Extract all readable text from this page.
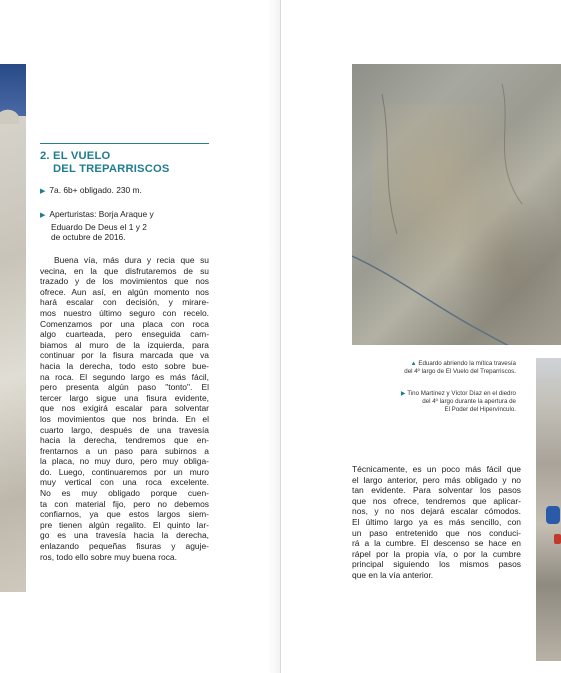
2. EL VUELO
DEL TREPARRISCOS
▶ 7a. 6b+ obligado. 230 m.
▶ Aperturistas: Borja Araque y
Eduardo De Deus el 1 y 2
de octubre de 2016.
Buena vía, más dura y recia que su
vecina, en la que disfrutaremos de su
trazado y de los movimientos que nos
ofrece. Aun así, en algún momento nos
hará escalar con decisión, y mirare-
mos nuestro último seguro con recelo.
Comenzamos por una placa con roca
algo cuarteada, pero enseguida cam-
biamos al muro de la izquierda, para
continuar por la fisura marcada que va
hacia la derecha, todo esto sobre bue-
na roca. El segundo largo es más fácil,
pero presenta algún paso "tonto". El
tercer largo sigue una fisura evidente,
que nos exigirá escalar para solventar
los movimientos que nos brinda. En el
cuarto largo, después de una travesía
hacia la derecha, tendremos que en-
frentarnos a un paso para subirnos a
la placa, no muy duro, pero muy obliga-
do. Luego, continuaremos por un muro
muy vertical con una roca excelente.
No es muy obligado porque cuen-
ta con material fijo, pero no debemos
confiarnos, ya que estos largos siem-
pre tienen algún regalito. El quinto lar-
go es una travesía hacia la derecha,
enlazando pequeñas fisuras y aguje-
ros, todo ello sobre muy buena roca.
▲ Eduardo abriendo la mítica travesía
del 4º largo de El Vuelo del Treparriscos.
▶ Tino Martínez y Víctor Díaz en el diedro
del 4º largo durante la apertura de
El Poder del Hipervínculo.
Técnicamente, es un poco más fácil que
el largo anterior, pero más obligado y no
tan evidente. Para solventar los pasos
que nos ofrece, tendremos que aplicar-
nos, y no nos dejará escalar cómodos.
El último largo ya es más sencillo, con
un paso entretenido que nos conduci-
rá a la cumbre. El descenso se hace en
rápel por la propia vía, o por la cumbre
principal siguiendo los mismos pasos
que en la vía anterior.
